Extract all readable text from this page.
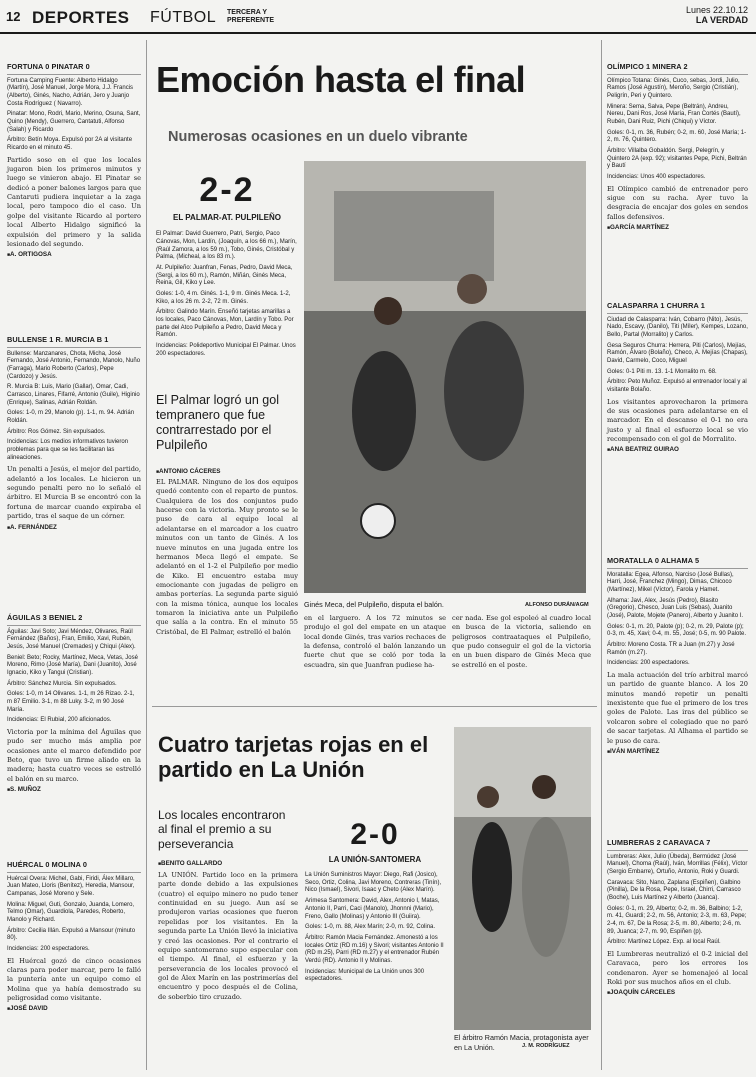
12 DEPORTES FÚTBOL TERCERA Y PREFERENTE
Lunes 22.10.12
LA VERDAD
FORTUNA 0 PINATAR 0

Fortuna Camping Fuente: Alberto Hidalgo (Martín), José Manuel, Jorge Mora, J.J. Francis (Alberto), Ginés, Nacho, Adrián, Jero y Juanjo Costa Rodríguez ( Navarro).

Pinatar: Mono, Rodri, Mario, Merino, Osuna, Sant, Quino (Mendy), Guerrero, Cantatuti, Alfonso (Salah) y Ricardo

Árbitro: Betín Moya. Expulsó por 2A al visitante Ricardo en el minuto 45.

Partido soso en el que los locales jugaron bien los primeros minutos y luego se vinieron abajo. El Pinatar se dedicó a poner balones largos para que Cantaruti pudiera inquietar a la zaga local, pero tampoco dio el caso. Un golpe del visitante Ricardo al portero local Alberto Hidalgo significó la expulsión del primero y la salida lesionado del segundo.
■ A. ORTIGOSA
BULLENSE 1 R. MURCIA B 1

Bullense: Manzanares, Chota, Micha, José Fernando, José Antonio, Fernando, Manolo, Nuño (Farraga), Mario Roberto (Carlos), Pepe (Cardozo) y Jesús.

R. Murcia B: Luis, Mario (Gallar), Omar, Cadi, Carrasco, Linares, Fifarré, Antonio (Guile), Higinio (Enrique), Salinas, Adrián Roldán.

Goles: 1-0, m 29, Manolo (p). 1-1, m. 94. Adrián Roldán.

Árbitro: Ros Gómez. Sin expulsados.

Incidencias: Los medios informativos tuvieron problemas para que se les facilitaran las alineaciones.

Un penalti a Jesús, el mejor del partido, adelantó a los locales. Le hicieron un segundo penalti pero no lo señaló el árbitro. El Murcia B se encontró con la fortuna de marcar cuando expiraba el partido, tras el saque de un córner.
■ A. FERNÁNDEZ
ÁGUILAS 3 BENIEL 2

Águilas: Javi Soto; Javi Méndez, Olivares, Raúl Fernández (Baños), Fran, Emilio, Xavi, Rubén, Jesús, José Manuel (Cremades) y Chiqui (Alex).

Beniel: Beto; Rocky, Martínez, Meca, Vetas, José Moreno, Rimo (José María), Dani (Juanito), José Ignacio, Kiko y Tangui (Cristian).

Árbitro: Sánchez Murcia. Sin expulsados.

Goles: 1-0, m 14 Olivares. 1-1, m 26 Rizao. 2-1, m 87 Emilio. 3-1, m 88 Luky. 3-2, m 90 José María.

Incidencias: El Rubial, 200 aficionados.

Victoria por la mínima del Águilas que pudo ser mucho más amplia por ocasiones ante el marco defendido por Beto, que tuvo un firme aliado en la madera; hasta cuatro veces se estrelló el balón en su marco.
■ S. MUÑOZ
HUÉRCAL 0 MOLINA 0

Huércal Overa: Michel, Gabi, Firidi, Álex Millaro, Juan Mateo, Lloris (Benítez), Heredia, Mansour, Campanas, José Moreno y Sele.

Molina: Miguel, Guti, Gonzalo, Juanda, Lomero, Telmo (Omar), Guardiola, Paredes, Roberto, Manolo y Richard.

Árbitro: Cecilia Illán. Expulsó a Mansour (minuto 80).

Incidencias: 200 espectadores.

El Huércal gozó de cinco ocasiones claras para poder marcar, pero le falló la puntería ante un equipo como el Molina que ya había demostrado su peligrosidad como visitante.
■ JOSÉ DAVID
Emoción hasta el final
Numerosas ocasiones en un duelo vibrante
2-2
EL PALMAR-AT. PULPILEÑO

El Palmar: David Guerrero, Patri, Sergio, Paco Cánovas, Mon, Lardín, (Joaquín, a los 66 m.), Marín, (Raúl Zamora, a los 59 m.), Tobo, Ginés, Cristóbal y Palma, (Micheal, a los 83 m.).

At. Pulpileño: Juanfran, Fenas, Pedro, David Meca, (Sergi, a los 60 m.), Ramón, Miñán, Ginés Meca, Reina, Gil, Kiko y Lee.

Goles: 1-0, 4 m. Ginés. 1-1, 9 m. Ginés Meca. 1-2, Kiko, a los 26 m. 2-2, 72 m. Ginés.

Árbitro: Galindo Marín. Enseñó tarjetas amarillas a los locales, Paco Cánovas, Mon, Lardín y Tobo. Por parte del Atco Pulpileño a Pedro, David Meca y Ramón.

Incidencias: Polideportivo Municipal El Palmar. Unos 200 espectadores.

El Palmar logró un gol tempranero que fue contrarrestado por el Pulpileño
■ ANTONIO CÁCERES
EL PALMAR. Ninguno de los dos equipos quedó contento con el reparto de puntos. Cualquiera de los dos conjuntos pudo hacerse con la victoria. Muy pronto se le puso de cara al equipo local al adelantarse en el marcador a los cuatro minutos con un tanto de Ginés. A los nueve minutos en una jugada entre los hermanos Meca llegó el empate. Se adelantó en el 1-2 el Pulpileño por medio de Kiko. El encuentro estaba muy emocionante con jugadas de peligro en ambas porterías. La segunda parte siguió con la misma tónica, aunque los locales tomaron la iniciativa ante un Pulpileño que salía a la contra. En el minuto 55 Cristóbal, de El Palmar, estrelló el balón
Ginés Meca, del Pulpileño, disputa el balón.	ALFONSO DURÁN/AGM
en el larguero. A los 72 minutos se produjo el gol del empate en un ataque local donde Ginés, tras varios rechaces de la defensa, controló el balón lanzando un fuerte chut que se coló por toda la escuadra, sin que Juanfran pudiese ha-
cer nada. Ese gol espoleó al cuadro local en busca de la victoria, saliendo en peligrosos contraataques el Pulpileño, que pudo conseguir el gol de la victoria en un buen disparo de Ginés Meca que se estrelló en el poste.
Cuatro tarjetas rojas en el partido en La Unión
Los locales encontraron al final el premio a su perseverancia
■ BENITO GALLARDO
LA UNIÓN. Partido loco en la primera parte donde debido a las expulsiones (cuatro) el equipo minero no pudo tener continuidad en su juego. Aun así se produjeron varias ocasiones que fueron repelidas por los visitantes. En la segunda parte La Unión llevó la iniciativa y creó las ocasiones. Por el contrario el equipo santomerano supo especular con el tiempo. Al final, el esfuerzo y la perseverancia de los locales provocó el gol de Álex Marín en las postrimerías del encuentro y poco después el de Colina, de soberbio tiro cruzado.
2-0
LA UNIÓN-SANTOMERA

La Unión Suministros Mayor: Diego, Rafi (Josico), Seco, Ortiz, Colina, Javi Moreno, Contreras (Tinín), Nico (Ismael), Sivori, Isaac y Cheto (Alex Marín).

Arimesa Santomera: David, Alex, Antonio I, Matas, Antonio II, Parri, Caci (Manolo), Jhonnni (Mario), Freno, Gallo (Molinas) y Antonio III (Guiira).

Goles: 1-0, m. 88, Alex Marín; 2-0, m. 92, Colina.

Árbitro: Ramón Macia Fernández. Amonestó a los locales Ortiz (RD m.16) y Sivori; visitantes Antonio II (RD m.25), Parri (RD m.27) y el entrenador Rubén Verdú (RD). Antonio II y Molinas.

Incidencias: Municipal de La Unión unos 300 espectadores.

El árbitro Ramón Macia, protagonista ayer en La Unión.	J. M. RODRÍGUEZ
OLÍMPICO 1 MINERA 2

Olímpico Totana: Ginés, Cuco, sebas, Jordi, Julio, Ramos (José Agustín), Meroño, Sergio (Cristián), Peligrín, Peri y Quintero.

Minera: Sema, Salva, Pepe (Beltrán), Andreu, Nereu, Dani Ros, José María, Fran Cortés (Bautí), Rubén, Dani Ruiz, Pichi (Chiqui) y Víctor.

Goles: 0-1, m. 36, Rubén; 0-2, m. 60, José María; 1-2, m. 76, Quintero.

Árbitro: Villalba Gobaldón. Sergi, Pelegrín, y Quintero 2A (exp. 92); visitantes Pepe, Pichi, Beltrán y Bautí

Incidencias: Unos 400 espectadores.

El Olímpico cambió de entrenador pero sigue con su racha. Ayer tuvo la desgracia de encajar dos goles en sendos fallos defensivos.
■ GARCÍA MARTÍNEZ
CALASPARRA 1 CHURRA 1

Ciudad de Calasparra: Iván, Cobarro (Nito), Jesús, Nado, Escavy, (Danilo), Titi (Míler), Kempes, Lozano, Bello, Partal (Morralito) y Carlos.

Gesa Seguros Churra: Herrera, Piti (Carlos), Mejías, Ramón, Álvaro (Bolaño), Checo, A. Mejías (Chapas), David, Carmelo, Coco, Miguel

Goles: 0-1 Piti m. 13. 1-1 Morralito m. 68.

Árbitro: Peto Muñoz. Expulsó al entrenador local y al visitante Bolaño.

Los visitantes aprovecharon la primera de sus ocasiones para adelantarse en el marcador. En el descanso el 0-1 no era justo y al final el esfuerzo local se vio recompensado con el gol de Morralito.
■ ANA BEATRIZ GUIRAO
MORATALLA 0 ALHAMA 5

Moratalla: Egea, Alfonso, Narciso (José Bullas), Harri, José, Franchez (Mingo), Dimas, Chicoco (Martínez), Mikel (Víctor), Farola y Hamet.

Alhama: Javi, Alex, Jesús (Pedro), Blasito (Gregorio), Chesco, Juan Luis (Sebas), Juanito (José), Palote, Mojete (Panero), Alberto y Juanito I.

Goles: 0-1, m. 20, Palote (p); 0-2, m. 29, Palote (p); 0-3, m. 45, Xavi; 0-4, m. 55, José; 0-5, m. 90 Palote.

Árbitro: Moreno Costa. TR a Juan (m.27) y José Ramón (m.27).

Incidencias: 200 espectadores.

La mala actuación del trío arbitral marcó un partido de guante blanco. A los 20 minutos mandó repetir un penalti inexistente que fue el primero de los tres goles de Palote. Las iras del público se volcaron sobre el colegiado que no paró de sacar tarjetas. Al Alhama el partido se le puso de cara.
■ IVÁN MARTÍNEZ
LUMBRERAS 2 CARAVACA 7

Lumbreras: Alex, Julio (Úbeda), Bermúdez (José Manuel), Choma (Raúl), Iván, Morrillas (Félix), Víctor (Sergio Embarre), Ortuño, Antonio, Roki y Guardi.

Caravaca: Sito, Nano, Zaplana (Espiñen), Galbino (Pinilla), De la Rosa, Pepe, Israel, Chirri, Carrasco (Boche), Luis Martínez y Alberto (Juanca).

Goles: 0-1, m. 29, Alberto; 0-2, m. 36, Balbino; 1-2, m. 41, Guardi; 2-2, m. 56, Antonio; 2-3, m. 63, Pepe; 2-4, m. 67, De la Rosa; 2-5, m. 80, Alberto; 2-6, m. 89, Juanca; 2-7, m. 90, Espiñen (p).

Árbitro: Martínez López. Exp. al local Raúl.

El Lumbreras neutralizó el 0-2 inicial del Caravaca, pero los errores los condenaron. Ayer se homenajeó al local Roki por sus muchos años en el club.
■ JOAQUÍN CÁRCELES
